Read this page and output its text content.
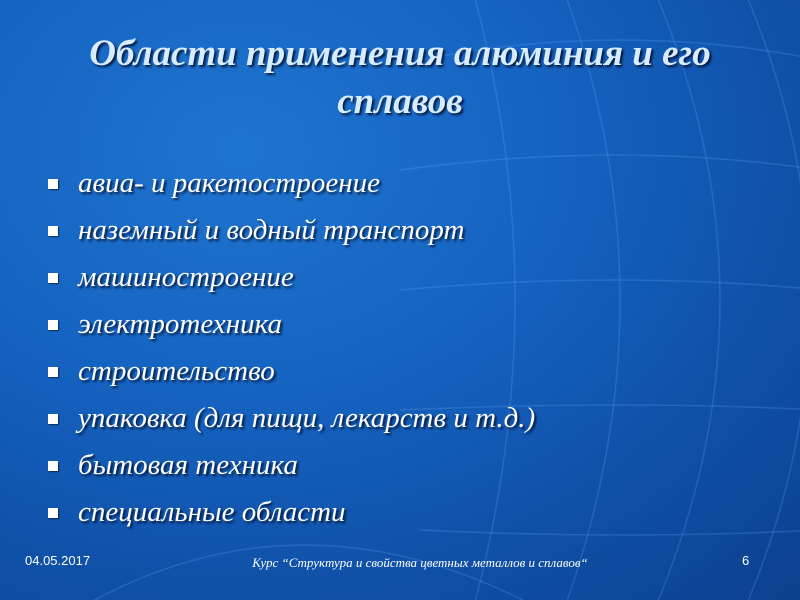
Области применения алюминия и его сплавов
авиа- и ракетостроение
наземный и водный транспорт
машиностроение
электротехника
строительство
упаковка (для пищи, лекарств и т.д.)
бытовая техника
специальные области
04.05.2017	Курс “Структура и свойства цветных металлов и сплавов“	6
